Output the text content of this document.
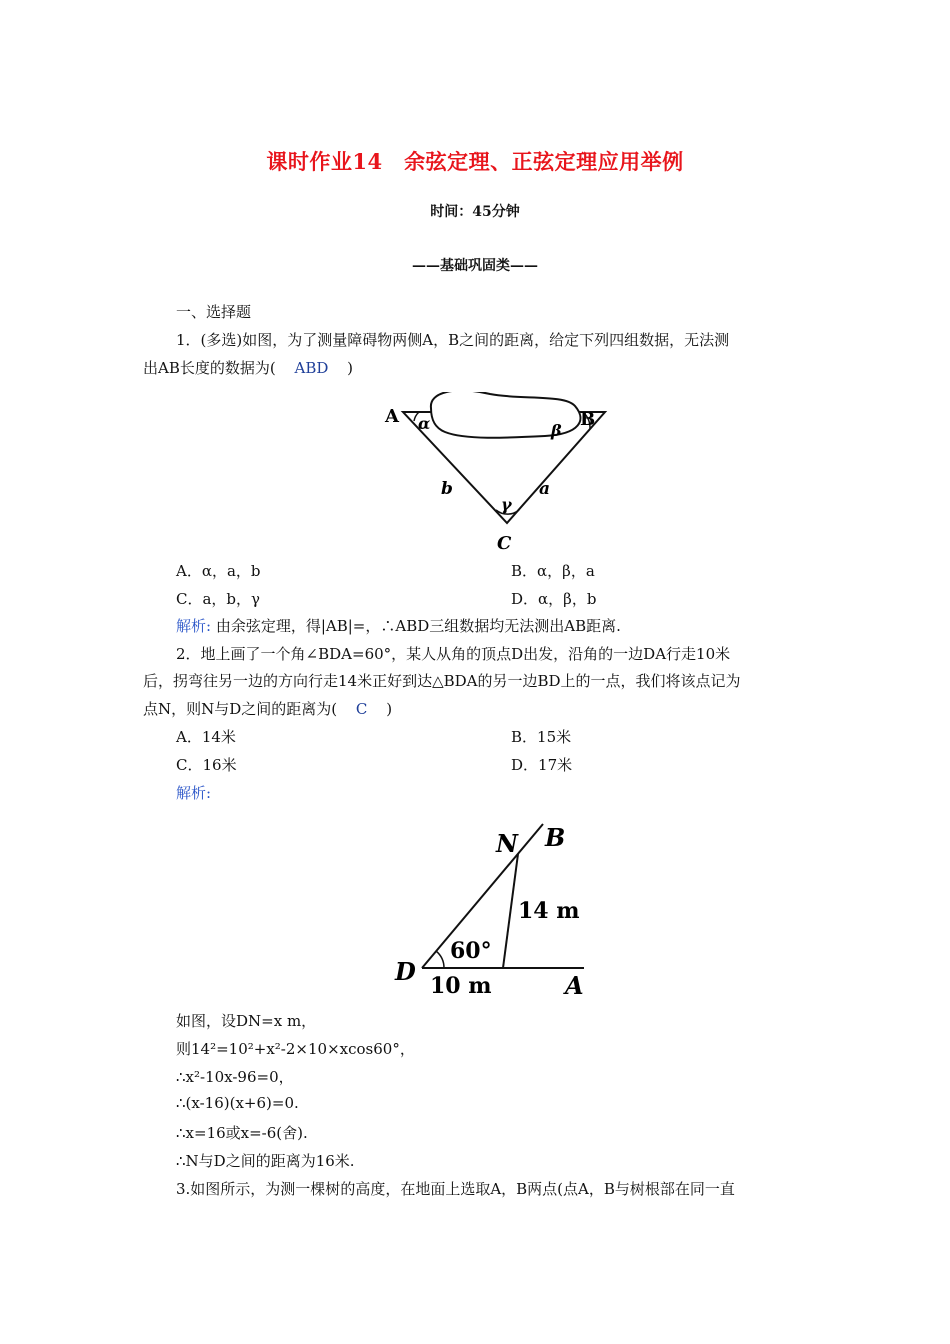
课时作业14　余弦定理、正弦定理应用举例
时间：45分钟
——基础巩固类——
一、选择题
1．(多选)如图，为了测量障碍物两侧A，B之间的距离，给定下列四组数据，无法测
出AB长度的数据为( ABD )
A	B
C
α	β
γ
a
b
A．α，a，b	B．α，β，a
C．a，b，γ	D．α，β，b
解析: 由余弦定理，得|AB|=，∴ABD三组数据均无法测出AB距离.
2．地上画了一个角∠BDA=60°，某人从角的顶点D出发，沿角的一边DA行走10米
后，拐弯往另一边的方向行走14米正好到达△BDA的另一边BD上的一点，我们将该点记为
点N，则N与D之间的距离为( C )
A．14米	B．15米
C．16米	D．17米
解析:
N B
D	A
14 m
10 m
60°
如图，设DN=x m，
则14²=10²+x²-2×10×xcos60°，
∴x²-10x-96=0，
∴(x-16)(x+6)=0.
∴x=16或x=-6(舍).
∴N与D之间的距离为16米.
3.如图所示，为测一棵树的高度，在地面上选取A，B两点(点A，B与树根部在同一直
